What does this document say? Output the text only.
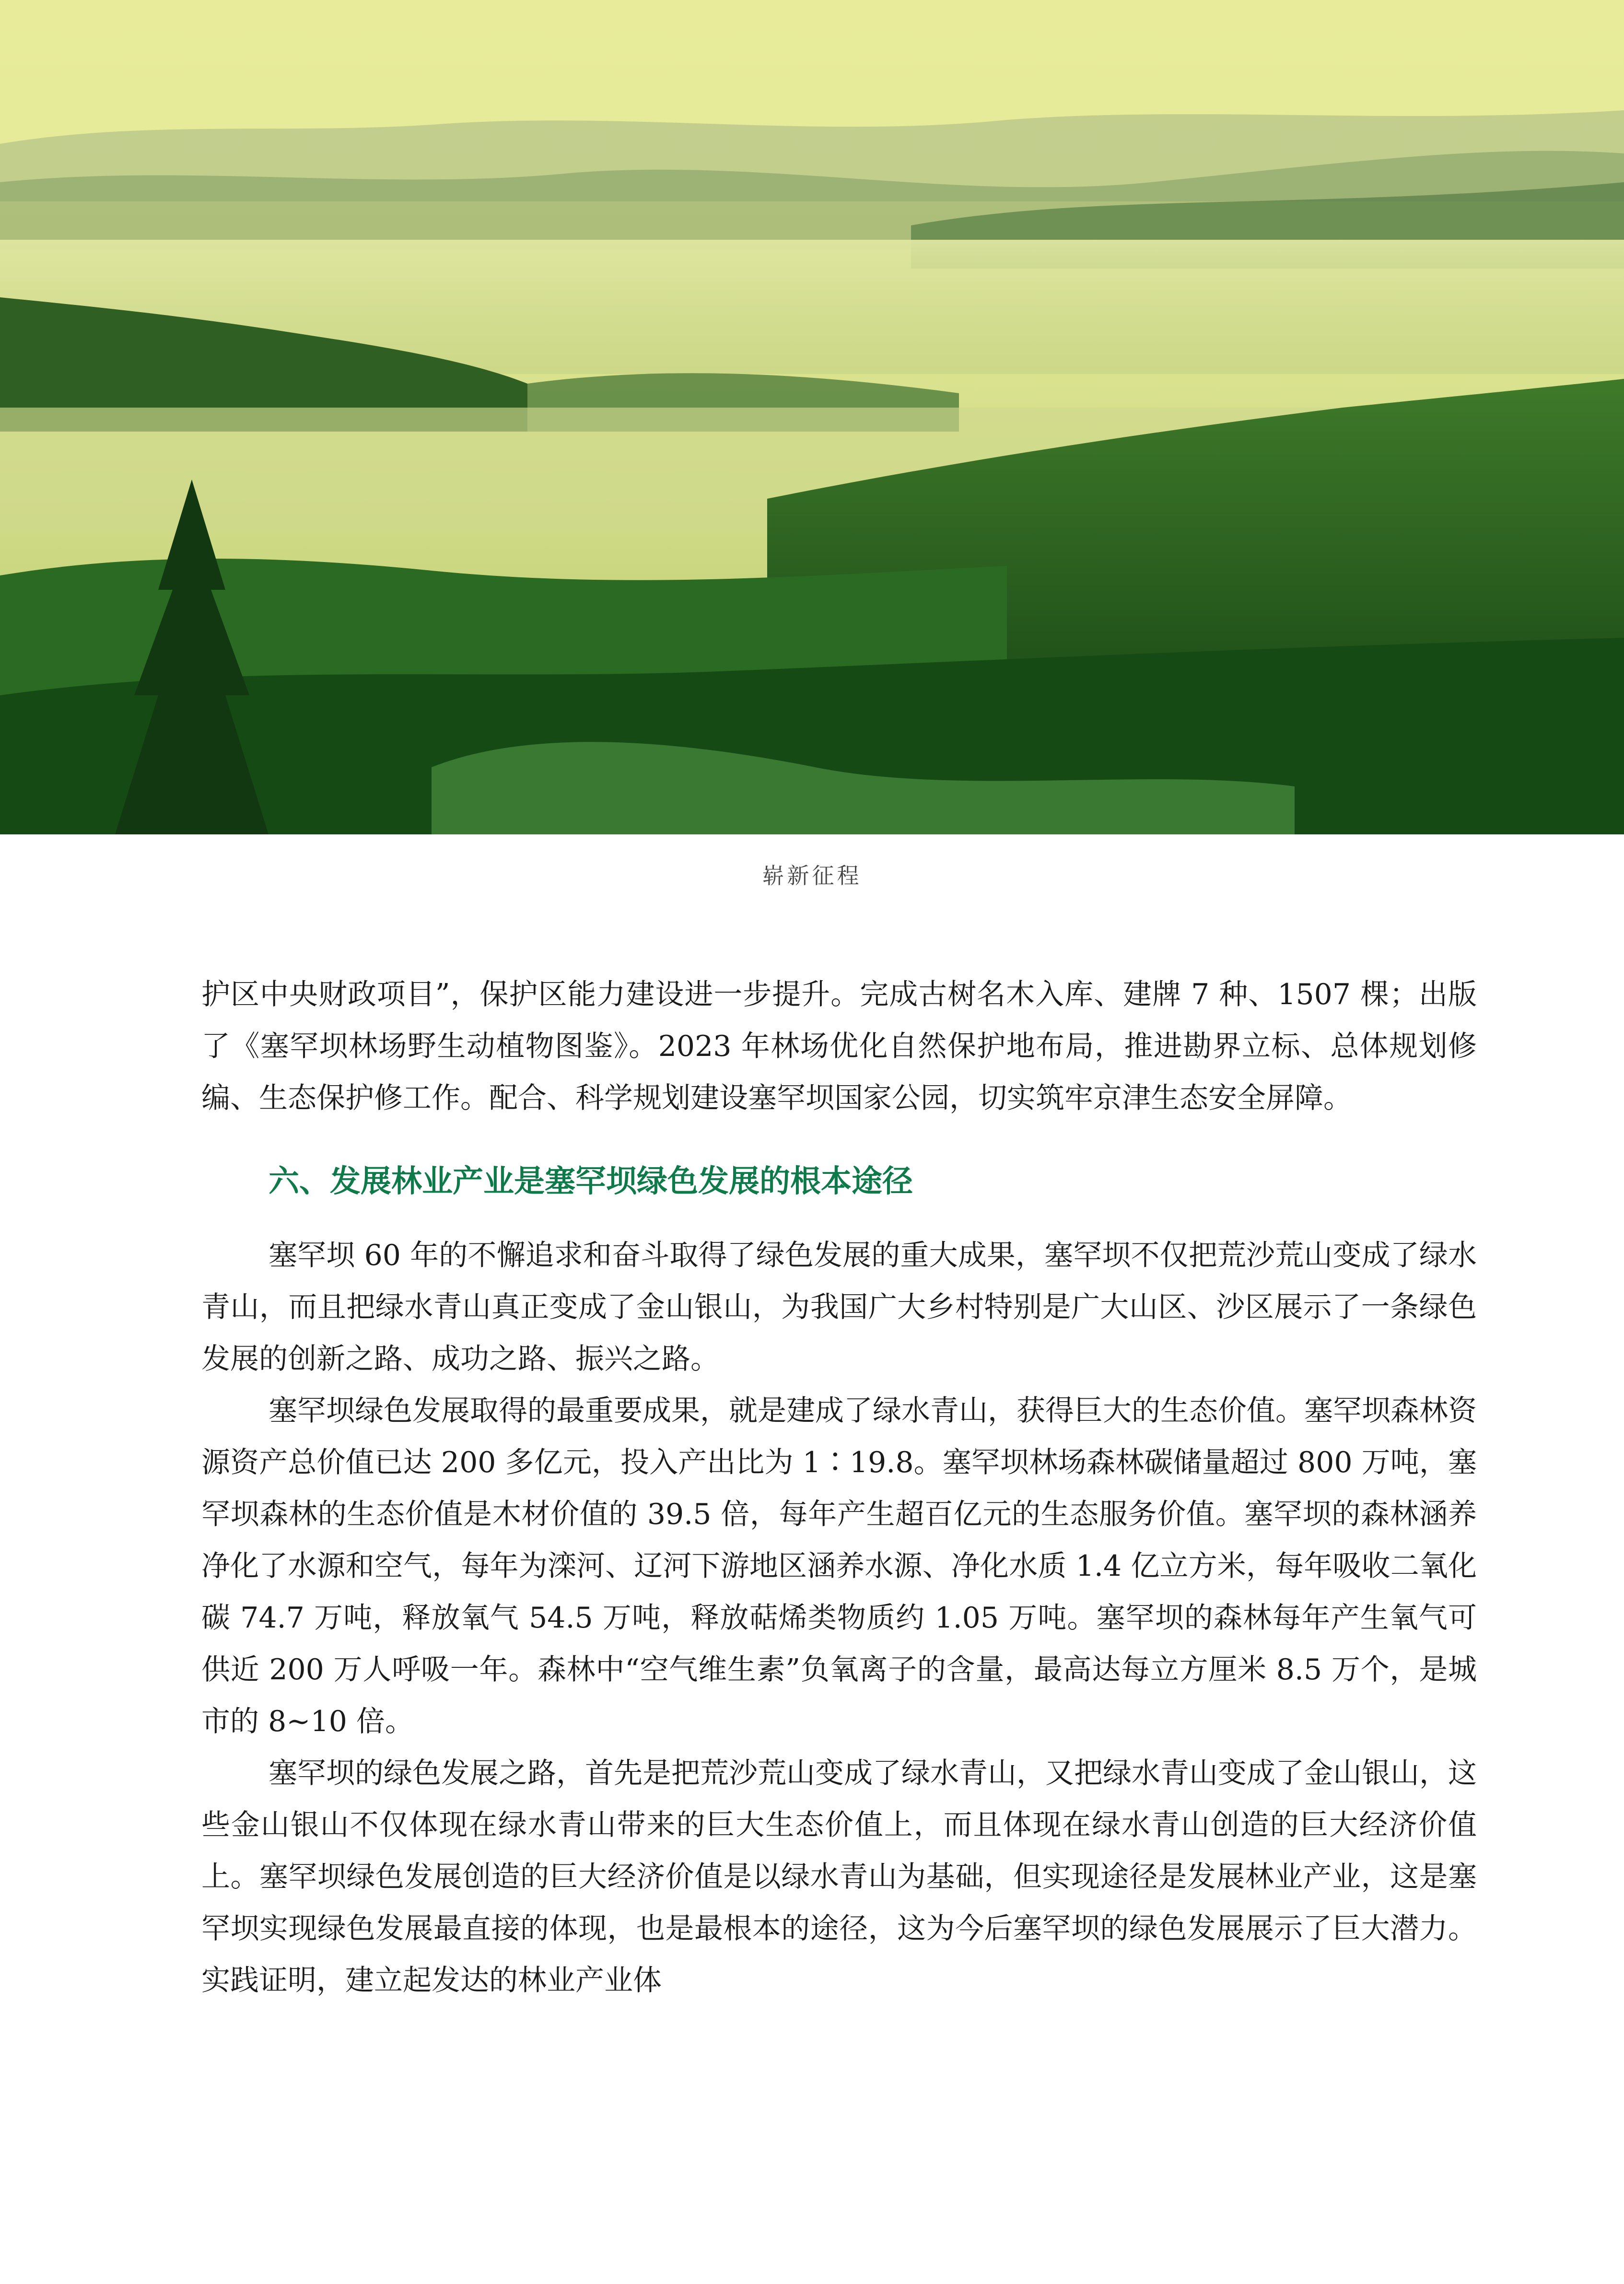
崭新征程

护区中央财政项目”，保护区能力建设进一步提升。完成古树名木入库、建牌 7 种、1507 棵；出版了《塞罕坝林场野生动植物图鉴》。2023 年林场优化自然保护地布局，推进勘界立标、总体规划修编、生态保护修工作。配合、科学规划建设塞罕坝国家公园，切实筑牢京津生态安全屏障。

六、发展林业产业是塞罕坝绿色发展的根本途径

塞罕坝 60 年的不懈追求和奋斗取得了绿色发展的重大成果，塞罕坝不仅把荒沙荒山变成了绿水青山，而且把绿水青山真正变成了金山银山，为我国广大乡村特别是广大山区、沙区展示了一条绿色发展的创新之路、成功之路、振兴之路。

塞罕坝绿色发展取得的最重要成果，就是建成了绿水青山，获得巨大的生态价值。塞罕坝森林资源资产总价值已达 200 多亿元，投入产出比为 1∶19.8。塞罕坝林场森林碳储量超过 800 万吨，塞罕坝森林的生态价值是木材价值的 39.5 倍，每年产生超百亿元的生态服务价值。塞罕坝的森林涵养净化了水源和空气，每年为滦河、辽河下游地区涵养水源、净化水质 1.4 亿立方米，每年吸收二氧化碳 74.7 万吨，释放氧气 54.5 万吨，释放萜烯类物质约 1.05 万吨。塞罕坝的森林每年产生氧气可供近 200 万人呼吸一年。森林中“空气维生素”负氧离子的含量，最高达每立方厘米 8.5 万个，是城市的 8~10 倍。

塞罕坝的绿色发展之路，首先是把荒沙荒山变成了绿水青山，又把绿水青山变成了金山银山，这些金山银山不仅体现在绿水青山带来的巨大生态价值上，而且体现在绿水青山创造的巨大经济价值上。塞罕坝绿色发展创造的巨大经济价值是以绿水青山为基础，但实现途径是发展林业产业，这是塞罕坝实现绿色发展最直接的体现，也是最根本的途径，这为今后塞罕坝的绿色发展展示了巨大潜力。实践证明，建立起发达的林业产业体
